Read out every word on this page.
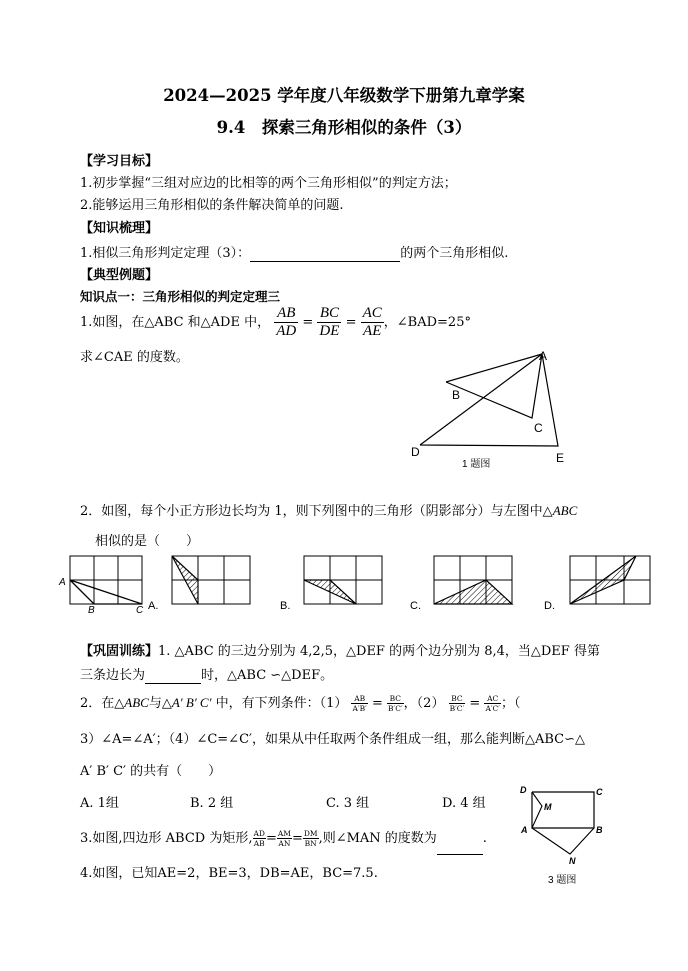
2024—2025 学年度八年级数学下册第九章学案
9.4　探索三角形相似的条件（3）
【学习目标】
1.初步掌握“三组对应边的比相等的两个三角形相似”的判定方法；
2.能够运用三角形相似的条件解决简单的问题.
【知识梳理】
1.相似三角形判定定理（3）：	的两个三角形相似.
【典型例题】
知识点一：三角形相似的判定定理三
1.如图，在△ABC 和△ADE 中， $\frac{AB}{AD} = \frac{BC}{DE} = \frac{AC}{AE}$ ，∠BAD=25°
求∠CAE 的度数。	A
B
C
D	E
1 题图
2．如图，每个小正方形边长均为 1，则下列图中的三角形（阴影部分）与左图中△ABC
相似的是（　　）
A
B	C A.	B.	C.	D.
【巩固训练】1. △ABC 的三边分别为 4,2,5，△DEF 的两个边分别为 8,4，当△DEF 得第
三条边长为	时，△ABC ∽△DEF。
2．在△ABC与△A′ B′ C′ 中，有下列条件：$(1) \frac{AB}{A'B'} = \frac{BC}{B'C'}$ ，$(2) \frac{BC}{B'C'} = \frac{AC}{A'C'}$ ；（
3）∠A=∠A′；（4）∠C=∠C′，如果从中任取两个条件组成一组，那么能判断△ABC∽△
A′ B′ C′ 的共有（　　）
A. 1组	B. 2 组	C. 3 组	D. 4 组
3.如图,四边形 ABCD 为矩形, $\frac{AD}{AB} = \frac{AM}{AN} = \frac{DM}{BN}$ ,则∠MAN 的度数为	.
4.如图，已知AE=2，BE=3，DB=AE，BC=7.5.
D
M
C
A	B
N
3 题图
